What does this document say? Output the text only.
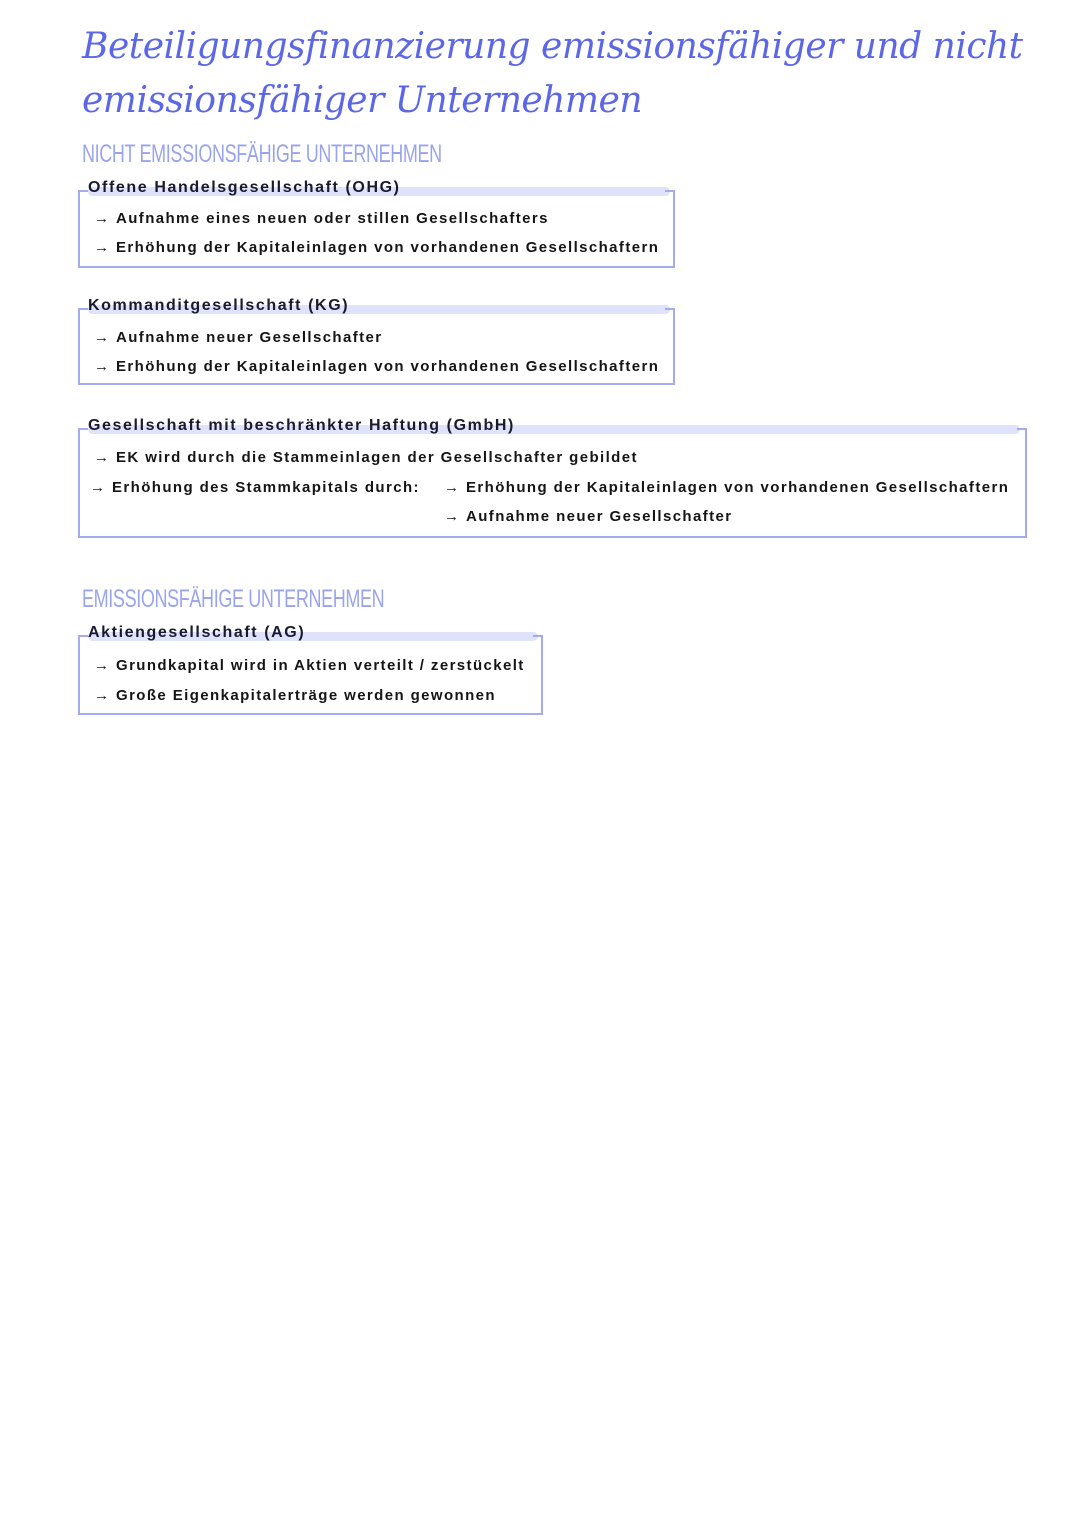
Beteiligungsfinanzierung emissionsfähiger und nicht emissionsfähiger Unternehmen
NICHT EMISSIONSFÄHIGE UNTERNEHMEN
Offene Handelsgesellschaft (OHG)
→ Aufnahme eines neuen oder stillen Gesellschafters
→ Erhöhung der Kapitaleinlagen von vorhandenen Gesellschaftern
Kommanditgesellschaft (KG)
→ Aufnahme neuer Gesellschafter
→ Erhöhung der Kapitaleinlagen von vorhandenen Gesellschaftern
Gesellschaft mit beschränkter Haftung (GmbH)
→ EK wird durch die Stammeinlagen der Gesellschafter gebildet
→ Erhöhung des Stammkapitals durch: → Erhöhung der Kapitaleinlagen von vorhandenen Gesellschaftern
→ Aufnahme neuer Gesellschafter
EMISSIONSFÄHIGE UNTERNEHMEN
Aktiengesellschaft (AG)
→ Grundkapital wird in Aktien verteilt / zerstückelt
→ Große Eigenkapitalerträge werden gewonnen
